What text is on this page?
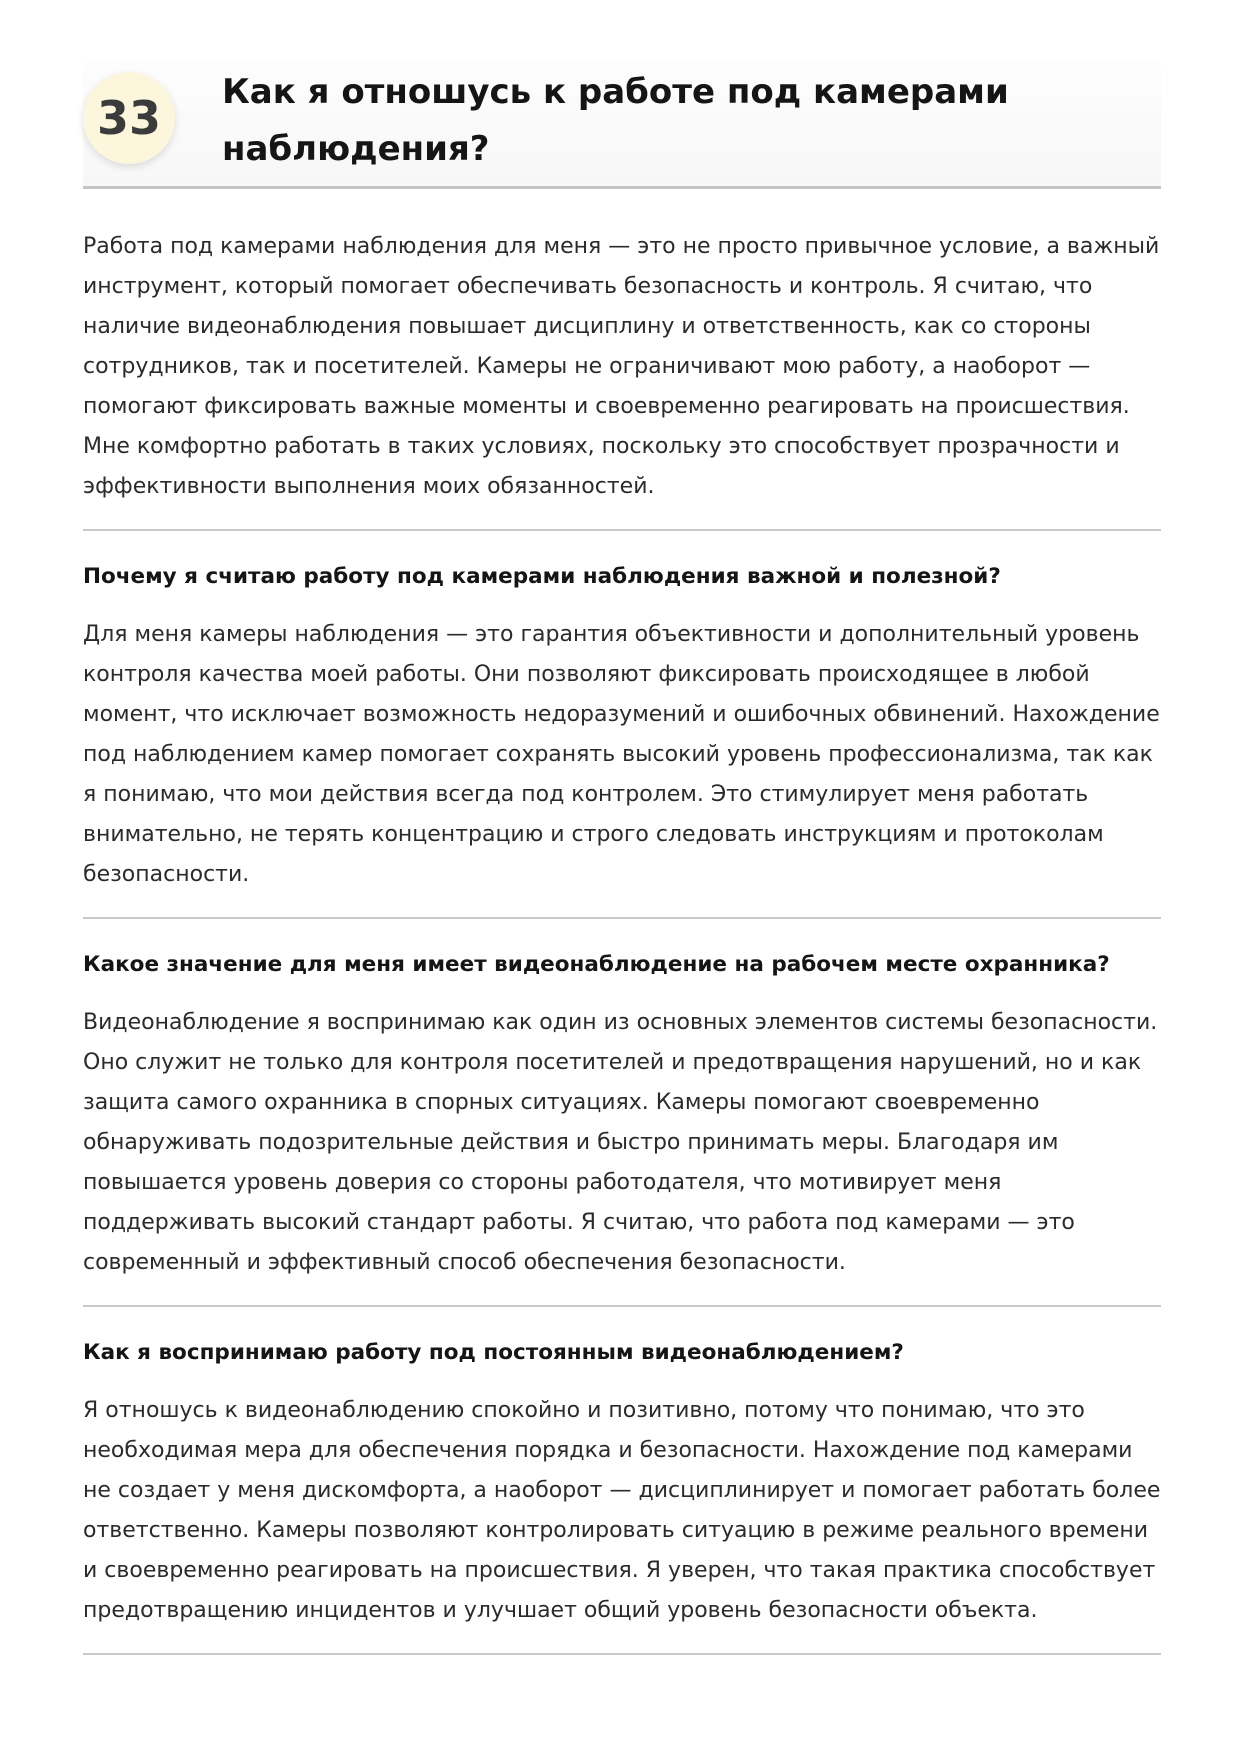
33	Как я отношусь к работе под камерами наблюдения?

Работа под камерами наблюдения для меня — это не просто привычное условие, а важный инструмент, который помогает обеспечивать безопасность и контроль. Я считаю, что наличие видеонаблюдения повышает дисциплину и ответственность, как со стороны сотрудников, так и посетителей. Камеры не ограничивают мою работу, а наоборот — помогают фиксировать важные моменты и своевременно реагировать на происшествия. Мне комфортно работать в таких условиях, поскольку это способствует прозрачности и эффективности выполнения моих обязанностей.

Почему я считаю работу под камерами наблюдения важной и полезной?

Для меня камеры наблюдения — это гарантия объективности и дополнительный уровень контроля качества моей работы. Они позволяют фиксировать происходящее в любой момент, что исключает возможность недоразумений и ошибочных обвинений. Нахождение под наблюдением камер помогает сохранять высокий уровень профессионализма, так как я понимаю, что мои действия всегда под контролем. Это стимулирует меня работать внимательно, не терять концентрацию и строго следовать инструкциям и протоколам безопасности.

Какое значение для меня имеет видеонаблюдение на рабочем месте охранника?

Видеонаблюдение я воспринимаю как один из основных элементов системы безопасности. Оно служит не только для контроля посетителей и предотвращения нарушений, но и как защита самого охранника в спорных ситуациях. Камеры помогают своевременно обнаруживать подозрительные действия и быстро принимать меры. Благодаря им повышается уровень доверия со стороны работодателя, что мотивирует меня поддерживать высокий стандарт работы. Я считаю, что работа под камерами — это современный и эффективный способ обеспечения безопасности.

Как я воспринимаю работу под постоянным видеонаблюдением?

Я отношусь к видеонаблюдению спокойно и позитивно, потому что понимаю, что это необходимая мера для обеспечения порядка и безопасности. Нахождение под камерами не создает у меня дискомфорта, а наоборот — дисциплинирует и помогает работать более ответственно. Камеры позволяют контролировать ситуацию в режиме реального времени и своевременно реагировать на происшествия. Я уверен, что такая практика способствует предотвращению инцидентов и улучшает общий уровень безопасности объекта.
